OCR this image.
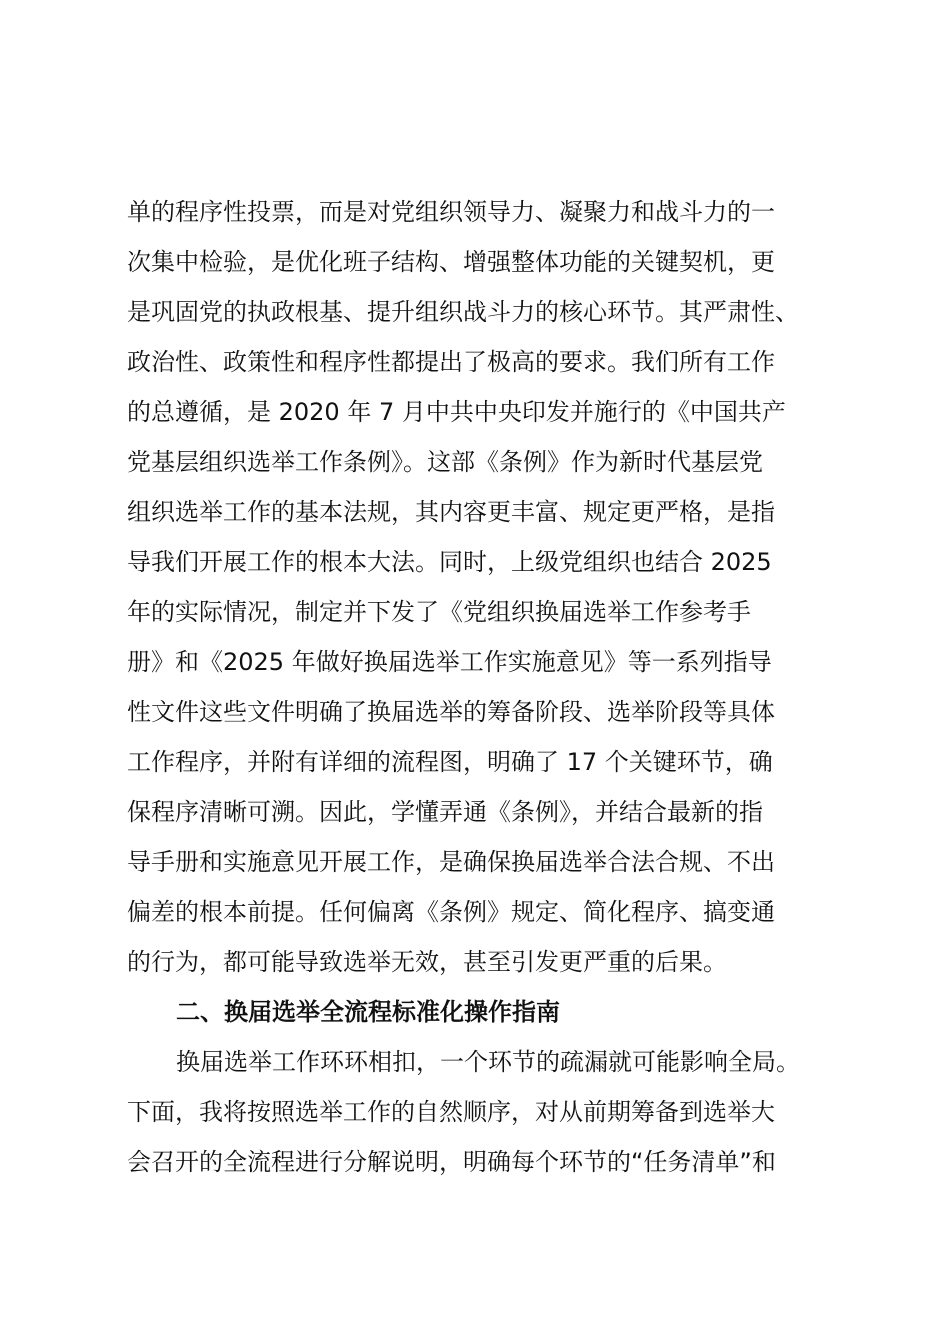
单的程序性投票，而是对党组织领导力、凝聚力和战斗力的一
次集中检验，是优化班子结构、增强整体功能的关键契机，更
是巩固党的执政根基、提升组织战斗力的核心环节。其严肃性、
政治性、政策性和程序性都提出了极高的要求。我们所有工作
的总遵循，是 2020 年 7 月中共中央印发并施行的《中国共产
党基层组织选举工作条例》。这部《条例》作为新时代基层党
组织选举工作的基本法规，其内容更丰富、规定更严格，是指
导我们开展工作的根本大法。同时，上级党组织也结合 2025
年的实际情况，制定并下发了《党组织换届选举工作参考手
册》和《2025 年做好换届选举工作实施意见》等一系列指导
性文件这些文件明确了换届选举的筹备阶段、选举阶段等具体
工作程序，并附有详细的流程图，明确了 17 个关键环节，确
保程序清晰可溯。因此，学懂弄通《条例》，并结合最新的指
导手册和实施意见开展工作，是确保换届选举合法合规、不出
偏差的根本前提。任何偏离《条例》规定、简化程序、搞变通
的行为，都可能导致选举无效，甚至引发更严重的后果。
二、换届选举全流程标准化操作指南
换届选举工作环环相扣，一个环节的疏漏就可能影响全局。
下面，我将按照选举工作的自然顺序，对从前期筹备到选举大
会召开的全流程进行分解说明，明确每个环节的“任务清单”和
